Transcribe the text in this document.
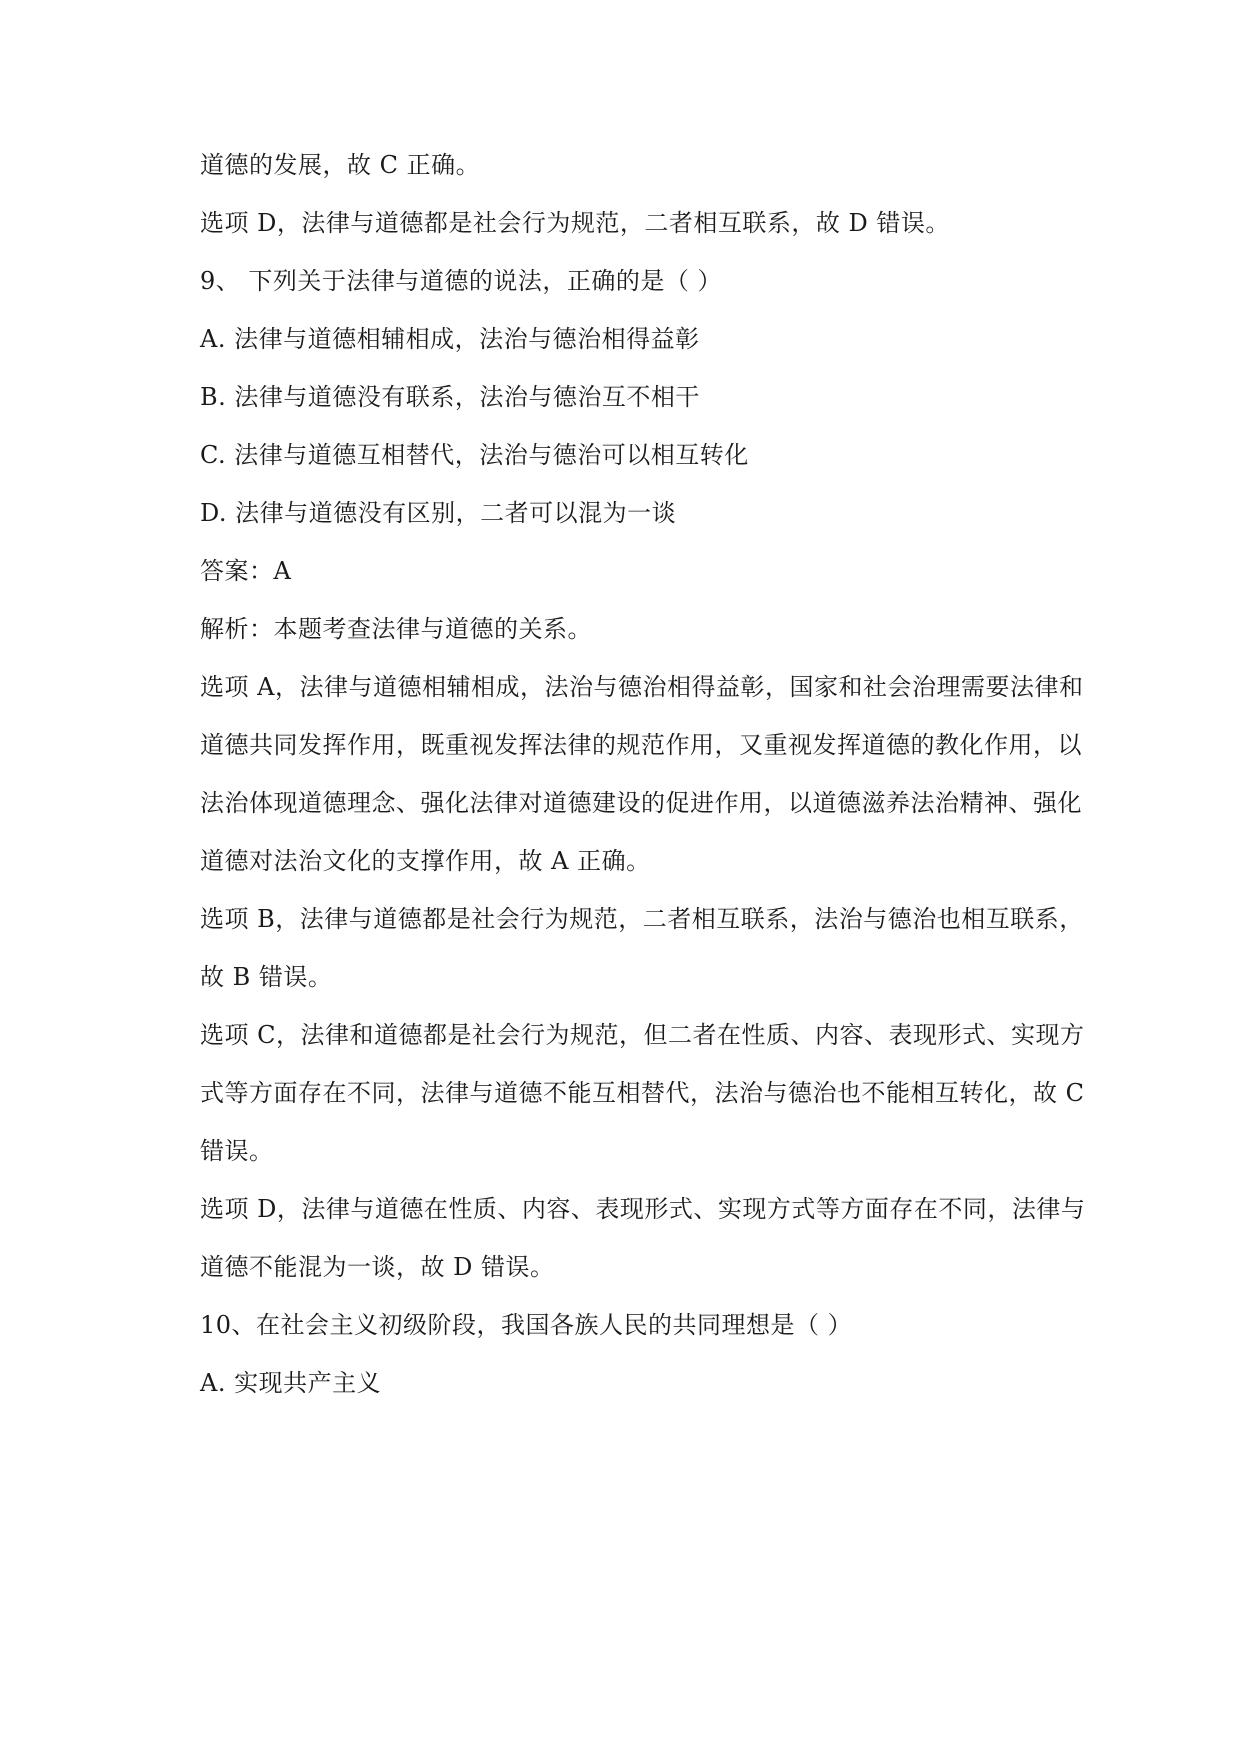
道德的发展，故 C 正确。
选项 D，法律与道德都是社会行为规范，二者相互联系，故 D 错误。
9、 下列关于法律与道德的说法，正确的是（ ）
A. 法律与道德相辅相成，法治与德治相得益彰
B. 法律与道德没有联系，法治与德治互不相干
C. 法律与道德互相替代，法治与德治可以相互转化
D. 法律与道德没有区别，二者可以混为一谈
答案：A
解析：本题考查法律与道德的关系。
选项 A，法律与道德相辅相成，法治与德治相得益彰，国家和社会治理需要法律和
道德共同发挥作用，既重视发挥法律的规范作用，又重视发挥道德的教化作用，以
法治体现道德理念、强化法律对道德建设的促进作用，以道德滋养法治精神、强化
道德对法治文化的支撑作用，故 A 正确。
选项 B，法律与道德都是社会行为规范，二者相互联系，法治与德治也相互联系，
故 B 错误。
选项 C，法律和道德都是社会行为规范，但二者在性质、内容、表现形式、实现方
式等方面存在不同，法律与道德不能互相替代，法治与德治也不能相互转化，故 C
错误。
选项 D，法律与道德在性质、内容、表现形式、实现方式等方面存在不同，法律与
道德不能混为一谈，故 D 错误。
10、在社会主义初级阶段，我国各族人民的共同理想是（ ）
A. 实现共产主义
